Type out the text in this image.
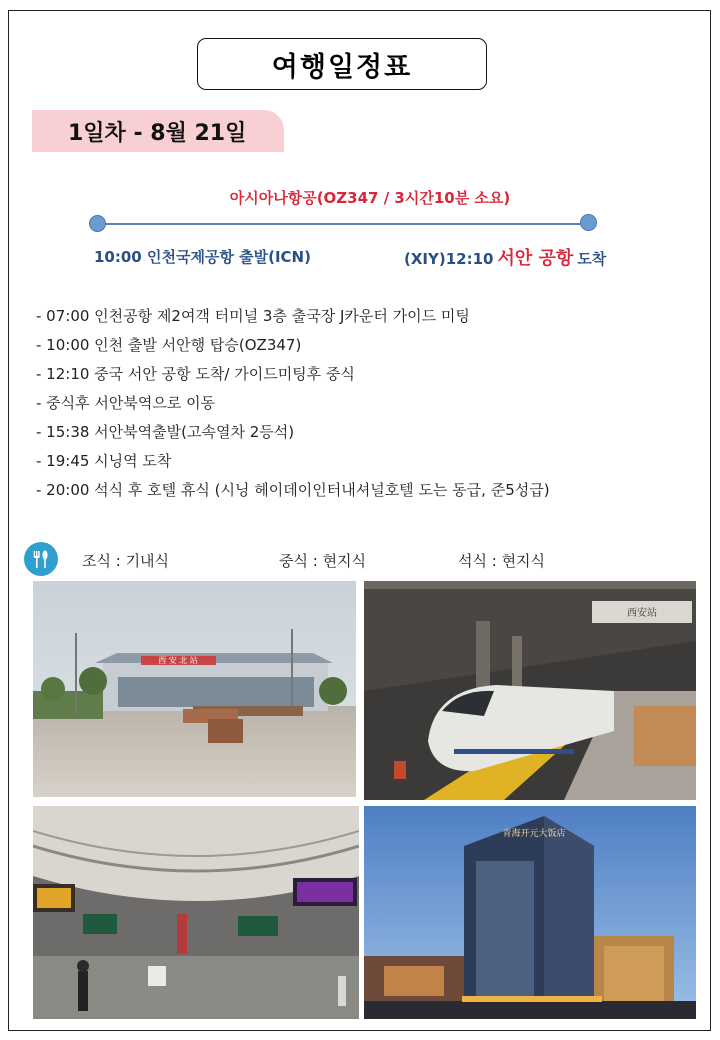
여행일정표
1일차 - 8월 21일
아시아나항공(OZ347 / 3시간10분 소요)
10:00 인천국제공항 출발(ICN)	(XIY)12:10 서안 공항 도착
- 07:00 인천공항 제2여객 터미널 3층 출국장 J카운터 가이드 미팅
- 10:00 인천 출발 서안행 탑승(OZ347)
- 12:10 중국 서안 공항 도착/ 가이드미팅후 중식
- 중식후 서안북역으로 이동
- 15:38 서안북역출발(고속열차 2등석)
- 19:45 시닝역 도착
- 20:00 석식 후 호텔 휴식 (시닝 헤이데이인터내셔널호텔 도는 동급, 준5성급)
조식 : 기내식	중식 : 현지식	석식 : 현지식
西 安 北 站
西安站
青海开元大饭店
